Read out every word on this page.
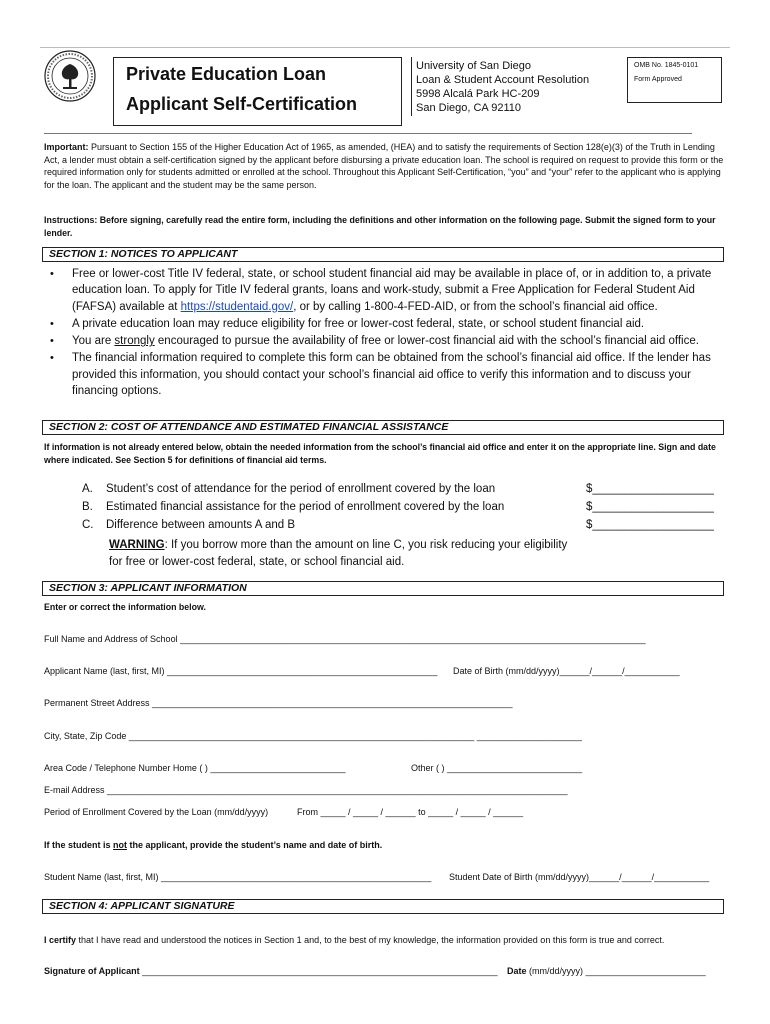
Private Education Loan
Applicant Self-Certification
University of San Diego
Loan & Student Account Resolution
5998 Alcalá Park HC-209
San Diego, CA 92110
OMB No. 1845-0101
Form Approved
Important: Pursuant to Section 155 of the Higher Education Act of 1965, as amended, (HEA) and to satisfy the requirements of Section 128(e)(3) of the Truth in Lending Act, a lender must obtain a self-certification signed by the applicant before disbursing a private education loan. The school is required on request to provide this form or the required information only for students admitted or enrolled at the school. Throughout this Applicant Self-Certification, “you” and “your” refer to the applicant who is applying for the loan. The applicant and the student may be the same person.
Instructions: Before signing, carefully read the entire form, including the definitions and other information on the following page. Submit the signed form to your lender.
SECTION 1: NOTICES TO APPLICANT
• Free or lower-cost Title IV federal, state, or school student financial aid may be available in place of, or in addition to, a private education loan. To apply for Title IV federal grants, loans and work-study, submit a Free Application for Federal Student Aid (FAFSA) available at https://studentaid.gov/, or by calling 1-800-4-FED-AID, or from the school’s financial aid office.
• A private education loan may reduce eligibility for free or lower-cost federal, state, or school student financial aid.
• You are strongly encouraged to pursue the availability of free or lower-cost financial aid with the school’s financial aid office.
• The financial information required to complete this form can be obtained from the school’s financial aid office. If the lender has provided this information, you should contact your school’s financial aid office to verify this information and to discuss your financing options.
SECTION 2: COST OF ATTENDANCE AND ESTIMATED FINANCIAL ASSISTANCE
If information is not already entered below, obtain the needed information from the school’s financial aid office and enter it on the appropriate line. Sign and date where indicated. See Section 5 for definitions of financial aid terms.
A. Student’s cost of attendance for the period of enrollment covered by the loan	$___________________
B. Estimated financial assistance for the period of enrollment covered by the loan	$___________________
C. Difference between amounts A and B	$___________________
WARNING: If you borrow more than the amount on line C, you risk reducing your eligibility
for free or lower-cost federal, state, or school financial aid.
SECTION 3: APPLICANT INFORMATION
Enter or correct the information below.
Full Name and Address of School _____________________________________________________________________________________________
Applicant Name (last, first, MI) ______________________________________________________ Date of Birth (mm/dd/yyyy)______/______/___________
Permanent Street Address ________________________________________________________________________
City, State, Zip Code _____________________________________________________________________ _____________________
Area Code / Telephone Number Home ( ) ___________________________	Other ( ) ___________________________
E-mail Address ____________________________________________________________________________________________
Period of Enrollment Covered by the Loan (mm/dd/yyyy)	From _____ / _____ / ______ to _____ / _____ / ______
If the student is not the applicant, provide the student’s name and date of birth.
Student Name (last, first, MI) ______________________________________________________ Student Date of Birth (mm/dd/yyyy)______/______/___________
SECTION 4: APPLICANT SIGNATURE
I certify that I have read and understood the notices in Section 1 and, to the best of my knowledge, the information provided on this form is true and correct.
Signature of Applicant _______________________________________________________________________ Date (mm/dd/yyyy) ________________________
